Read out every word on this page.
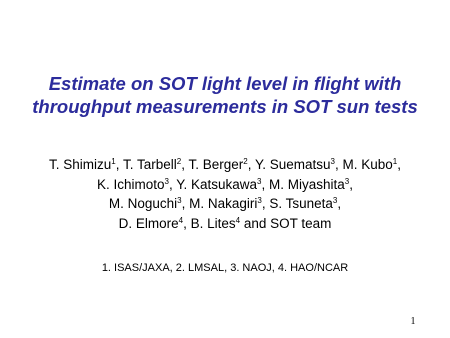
Estimate on SOT light level in flight with
throughput measurements in SOT sun tests
T. Shimizu$^1$, T. Tarbell$^2$, T. Berger$^2$, Y. Suematsu$^3$, M. Kubo$^1$,
K. Ichimoto$^3$, Y. Katsukawa$^3$, M. Miyashita$^3$,
M. Noguchi$^3$, M. Nakagiri$^3$, S. Tsuneta$^3$,
D. Elmore$^4$, B. Lites$^4$ and SOT team
1. ISAS/JAXA, 2. LMSAL, 3. NAOJ, 4. HAO/NCAR
1
